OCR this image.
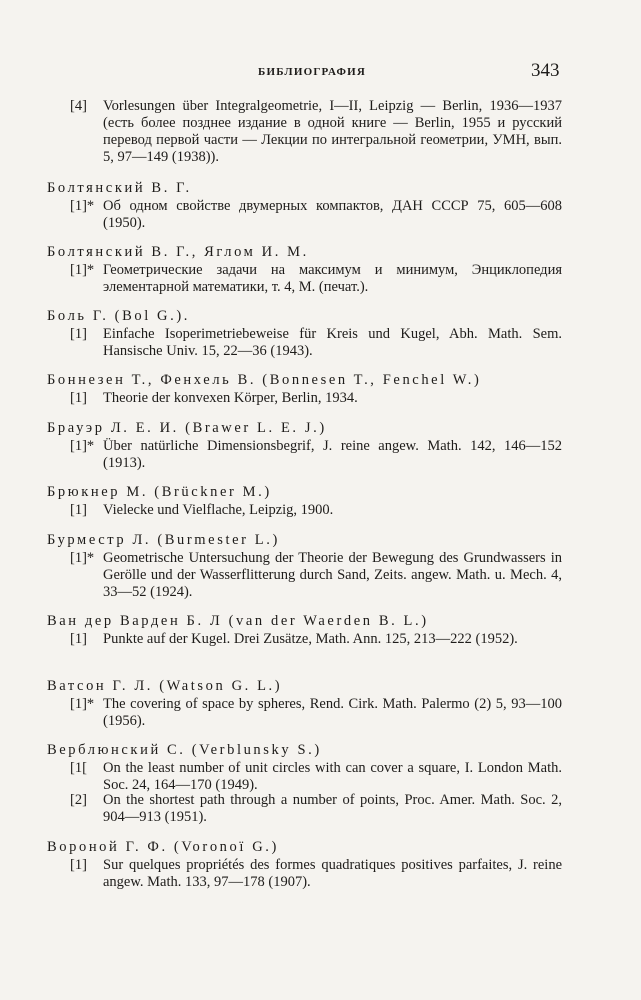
БИБЛИОГРАФИЯ	343
[4] Vorlesungen über Integralgeometrie, I—II, Leipzig — Berlin, 1936—1937 (есть более позднее издание в одной книге — Berlin, 1955 и русский перевод первой части — Лекции по интегральной геометрии, УМН, вып. 5, 97—149 (1938)).
Болтянский В. Г.
[1]* Об одном свойстве двумерных компактов, ДАН СССР 75, 605—608 (1950).
Болтянский В. Г., Яглом И. М.
[1]* Геометрические задачи на максимум и минимум, Энциклопедия элементарной математики, т. 4, М. (печат.).
Боль Г. (Bol G.).
[1] Einfache Isoperimetriebeweise für Kreis und Kugel, Abh. Math. Sem. Hansische Univ. 15, 22—36 (1943).
Боннезен Т., Фенхель В. (Bonnesen T., Fenchel W.)
[1] Theorie der konvexen Körper, Berlin, 1934.
Брауэр Л. Е. И. (Brawer L. E. J.)
[1]* Über natürliche Dimensionsbegrif, J. reine angew. Math. 142, 146—152 (1913).
Брюкнер М. (Brückner M.)
[1] Vielecke und Vielflache, Leipzig, 1900.
Бурместр Л. (Burmester L.)
[1]* Geometrische Untersuchung der Theorie der Bewegung des Grundwassers in Gerölle und der Wasserflitterung durch Sand, Zeits. angew. Math. u. Mech. 4, 33—52 (1924).
Ван дер Варден Б. Л (van der Waerden B. L.)
[1] Punkte auf der Kugel. Drei Zusätze, Math. Ann. 125, 213—222 (1952).
Ватсон Г. Л. (Watson G. L.)
[1]* The covering of space by spheres, Rend. Cirk. Math. Palermo (2) 5, 93—100 (1956).
Верблюнский С. (Verblunsky S.)
[1[ On the least number of unit circles with can cover a square, I. London Math. Soc. 24, 164—170 (1949).
[2] On the shortest path through a number of points, Proc. Amer. Math. Soc. 2, 904—913 (1951).
Вороной Г. Ф. (Voronoï G.)
[1] Sur quelques propriétés des formes quadratiques positives parfaites, J. reine angew. Math. 133, 97—178 (1907).
